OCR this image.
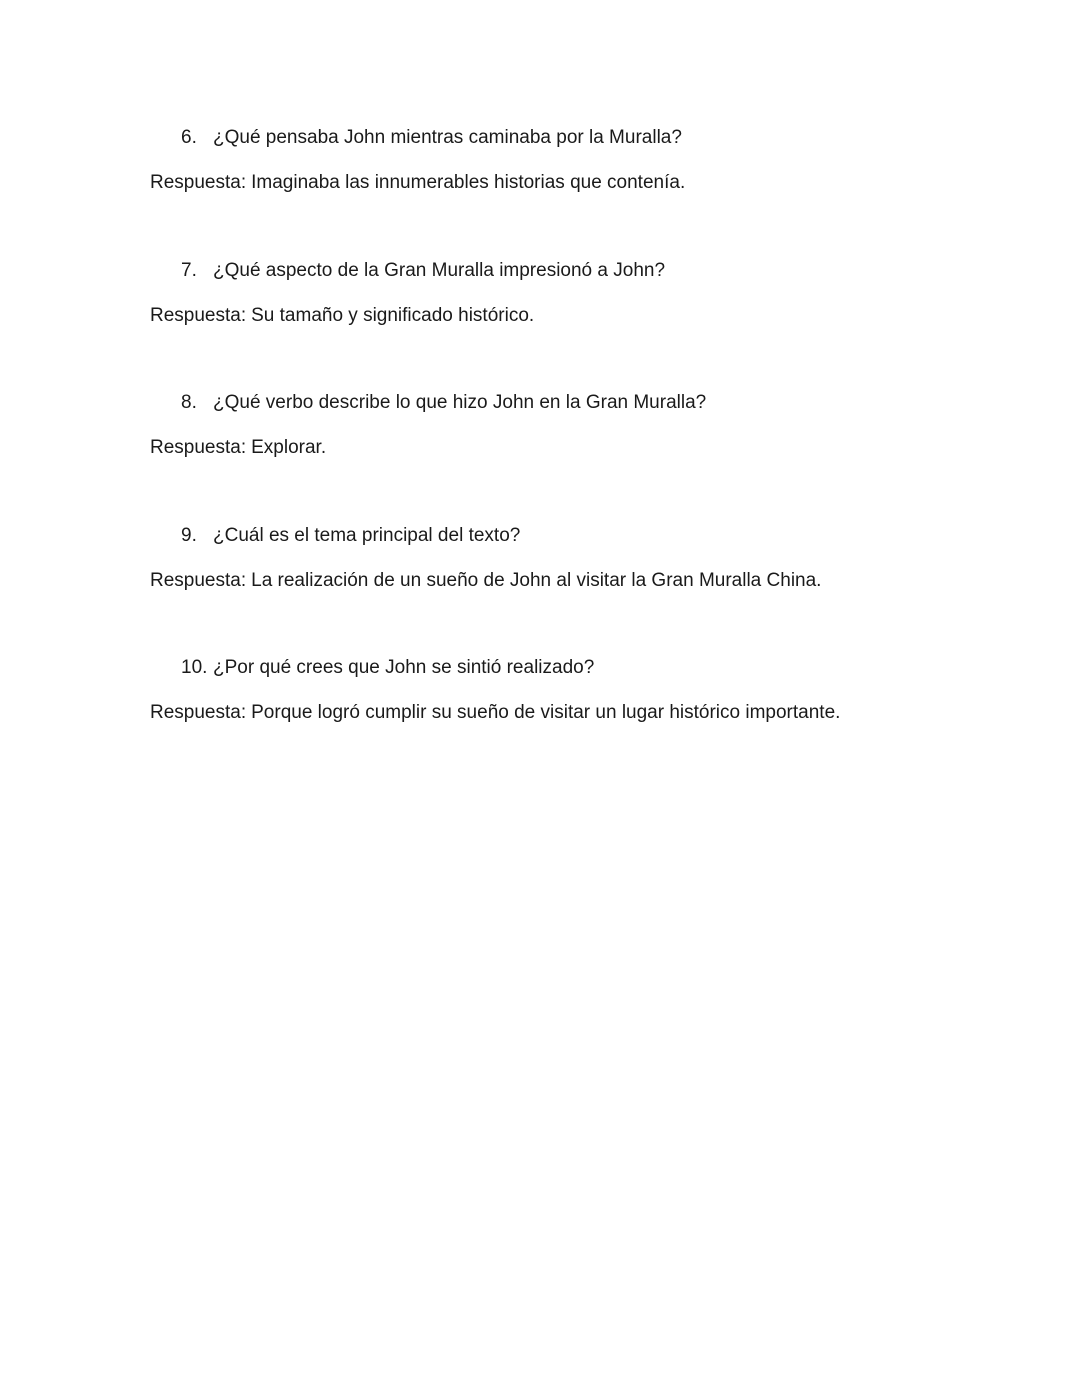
6. ¿Qué pensaba John mientras caminaba por la Muralla?
Respuesta: Imaginaba las innumerables historias que contenía.
7. ¿Qué aspecto de la Gran Muralla impresionó a John?
Respuesta: Su tamaño y significado histórico.
8. ¿Qué verbo describe lo que hizo John en la Gran Muralla?
Respuesta: Explorar.
9. ¿Cuál es el tema principal del texto?
Respuesta: La realización de un sueño de John al visitar la Gran Muralla China.
10. ¿Por qué crees que John se sintió realizado?
Respuesta: Porque logró cumplir su sueño de visitar un lugar histórico importante.
